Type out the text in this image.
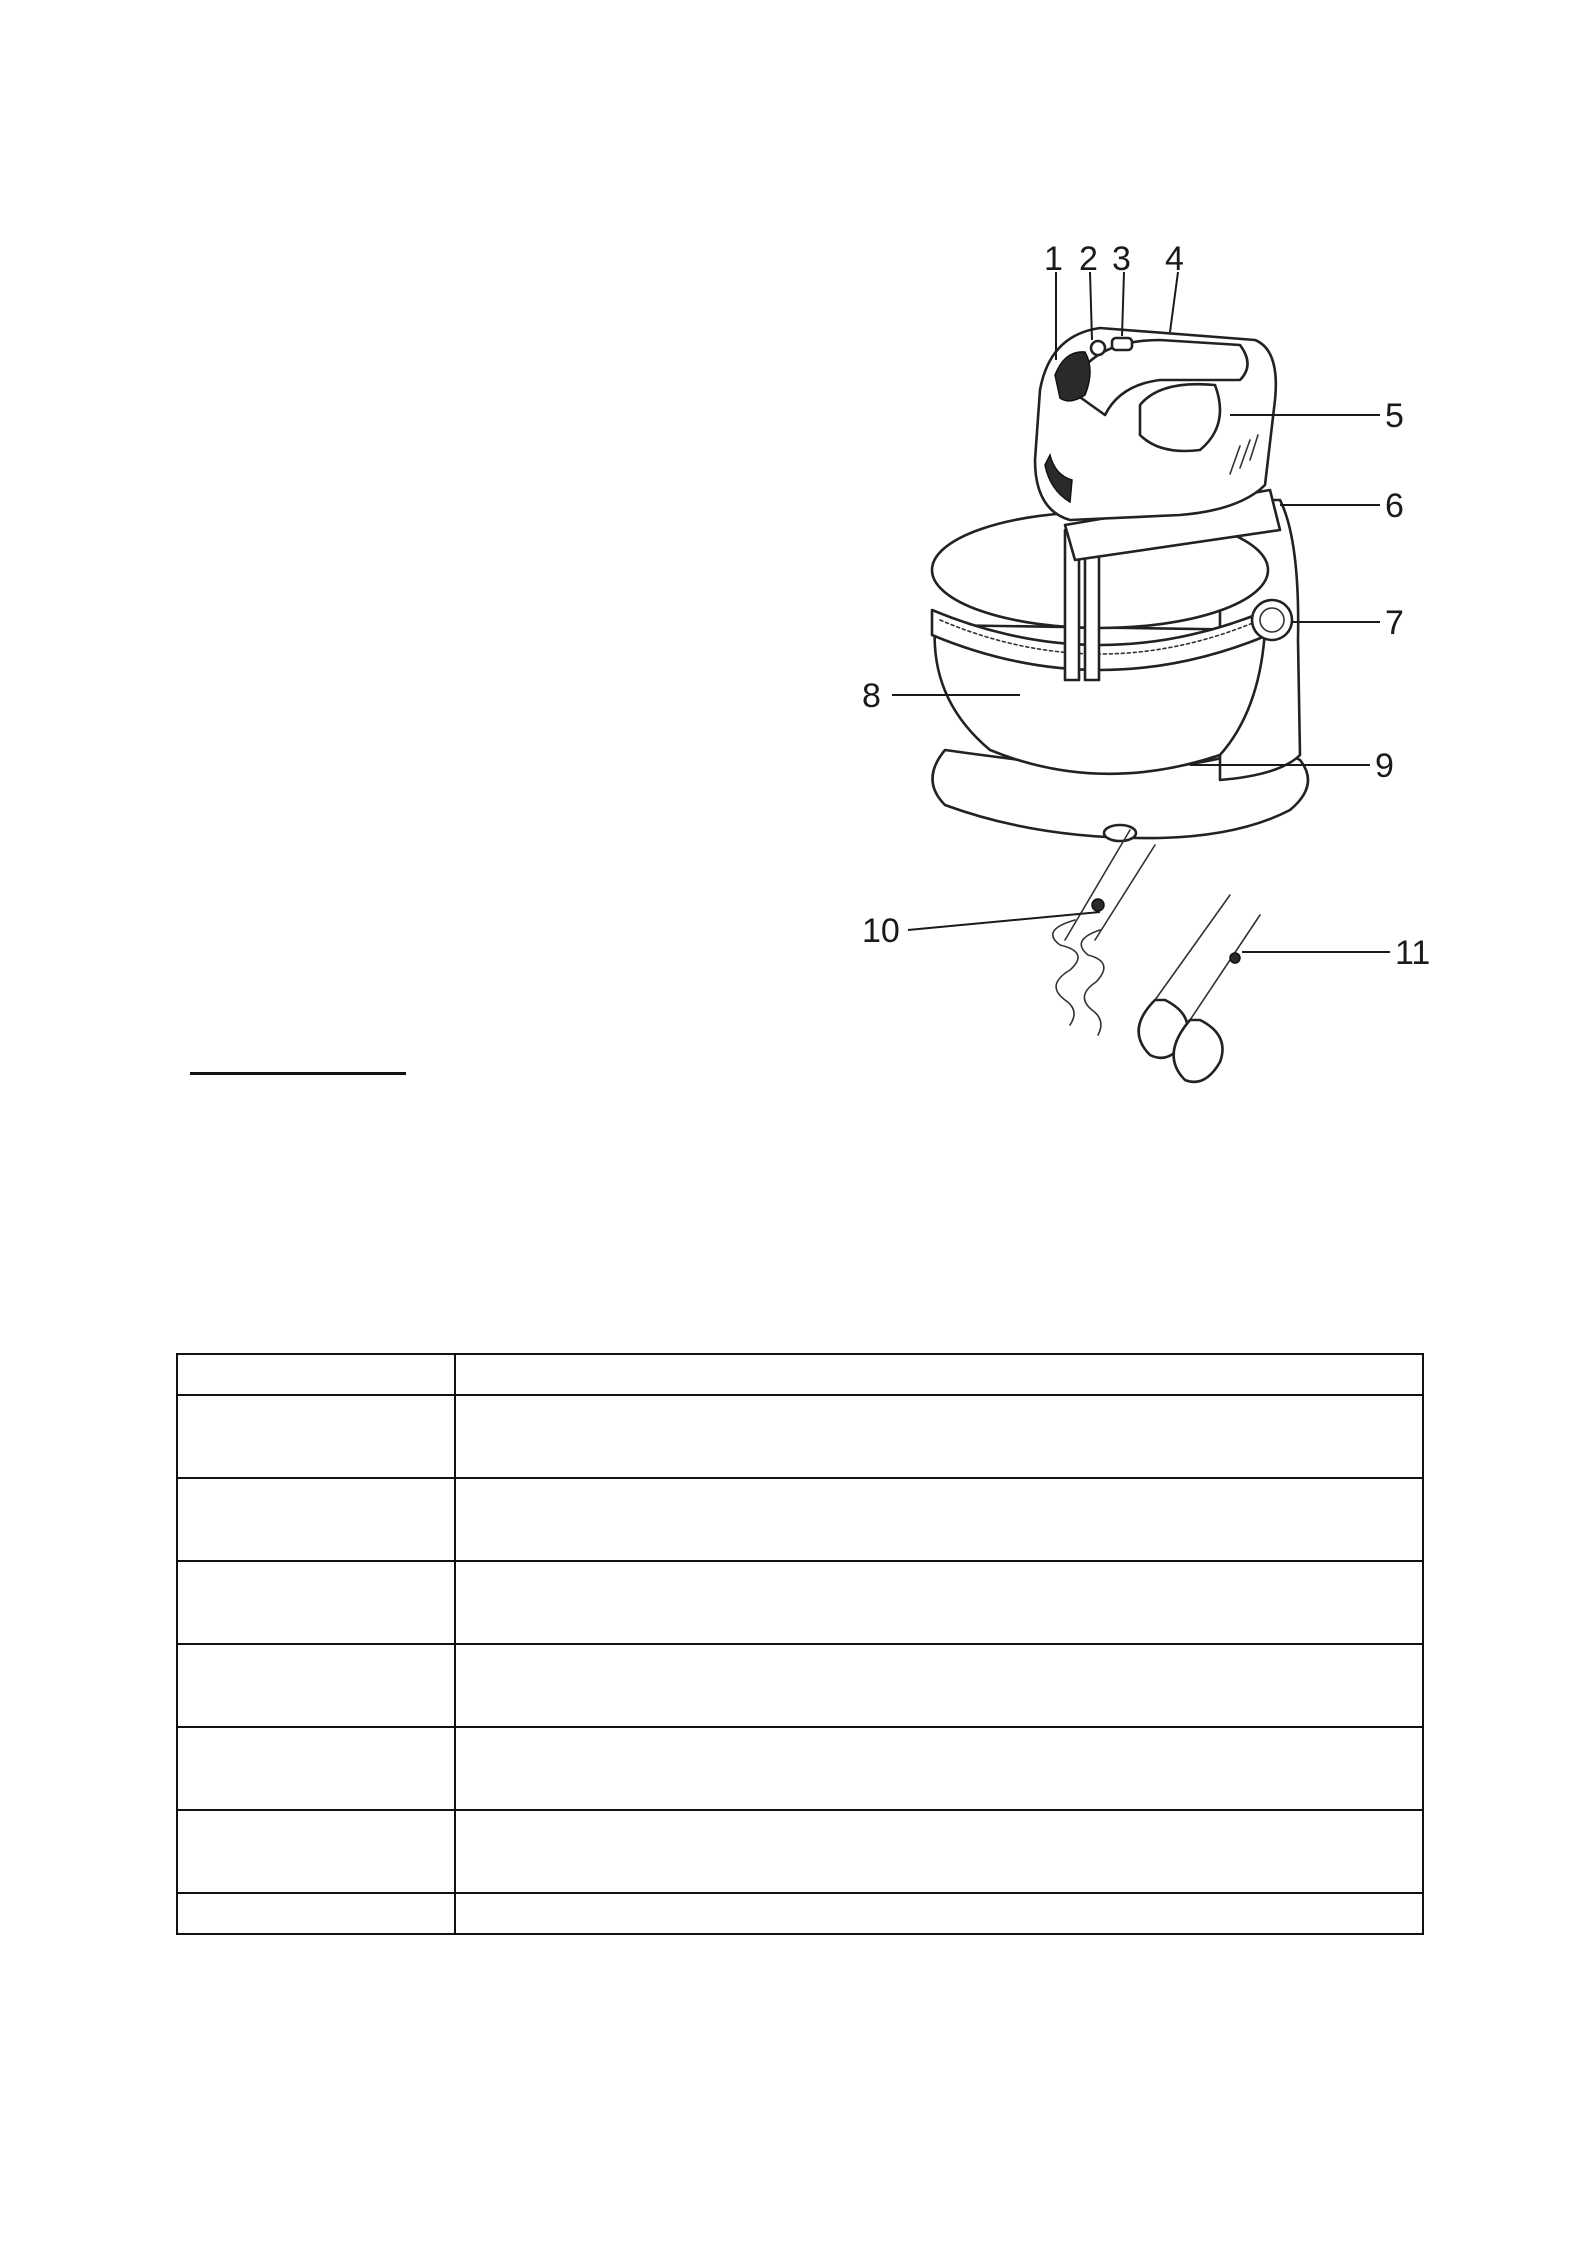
1 2 3 4
5
6
7
8
9
10
11
